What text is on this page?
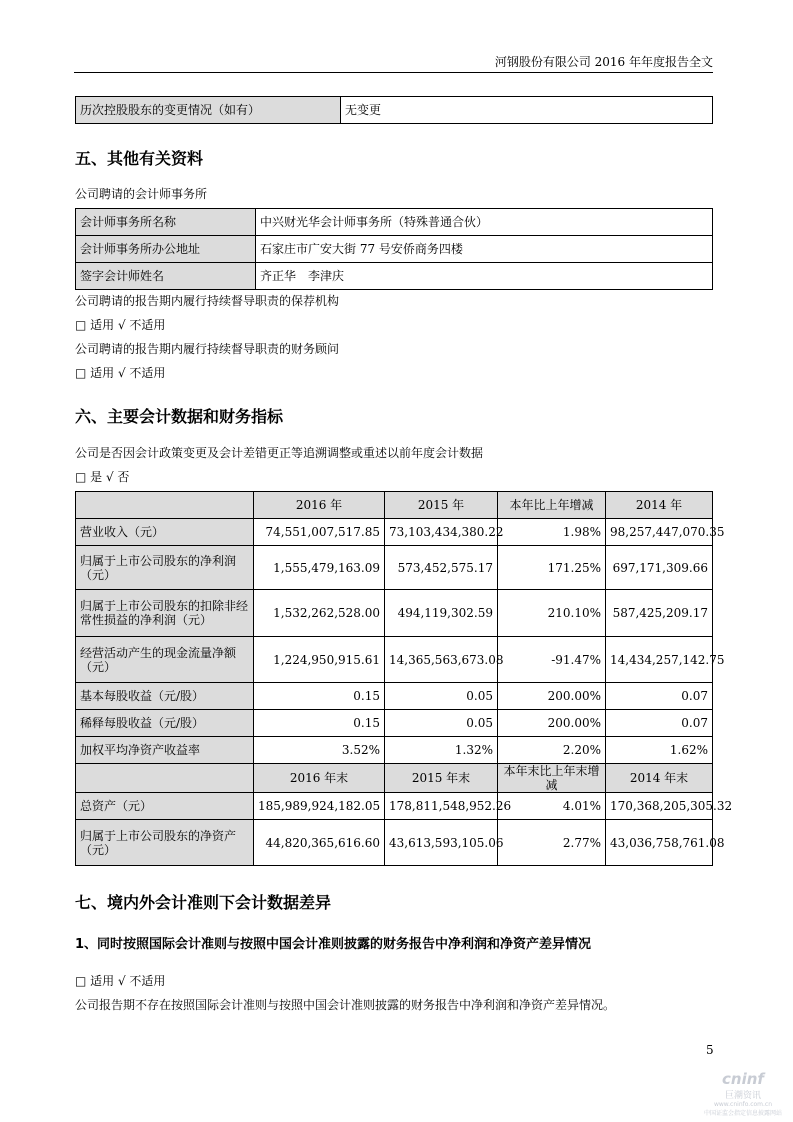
河钢股份有限公司 2016 年年度报告全文
历次控股股东的变更情况（如有）	无变更
五、其他有关资料

公司聘请的会计师事务所

会计师事务所名称	中兴财光华会计师事务所（特殊普通合伙）
会计师事务所办公地址	石家庄市广安大街 77 号安侨商务四楼
签字会计师姓名	齐正华　李津庆

公司聘请的报告期内履行持续督导职责的保荐机构

□ 适用 √ 不适用

公司聘请的报告期内履行持续督导职责的财务顾问

□ 适用 √ 不适用

六、主要会计数据和财务指标

公司是否因会计政策变更及会计差错更正等追溯调整或重述以前年度会计数据

□ 是 √ 否

	2016 年	2015 年	本年比上年增减	2014 年
营业收入（元）	74,551,007,517.85	73,103,434,380.22	1.98%	98,257,447,070.35
归属于上市公司股东的净利润（元）	1,555,479,163.09	573,452,575.17	171.25%	697,171,309.66
归属于上市公司股东的扣除非经常性损益的净利润（元）	1,532,262,528.00	494,119,302.59	210.10%	587,425,209.17
经营活动产生的现金流量净额（元）	1,224,950,915.61	14,365,563,673.08	-91.47%	14,434,257,142.75
基本每股收益（元/股）	0.15	0.05	200.00%	0.07
稀释每股收益（元/股）	0.15	0.05	200.00%	0.07
加权平均净资产收益率	3.52%	1.32%	2.20%	1.62%
	2016 年末	2015 年末	本年末比上年末增减	2014 年末
总资产（元）	185,989,924,182.05	178,811,548,952.26	4.01%	170,368,205,305.32
归属于上市公司股东的净资产（元）	44,820,365,616.60	43,613,593,105.06	2.77%	43,036,758,761.08
七、境内外会计准则下会计数据差异
1、同时按照国际会计准则与按照中国会计准则披露的财务报告中净利润和净资产差异情况

□ 适用 √ 不适用

公司报告期不存在按照国际会计准则与按照中国会计准则披露的财务报告中净利润和净资产差异情况。

5
cninf
巨潮资讯
www.cninfo.com.cn
中国证监会指定信息披露网站
